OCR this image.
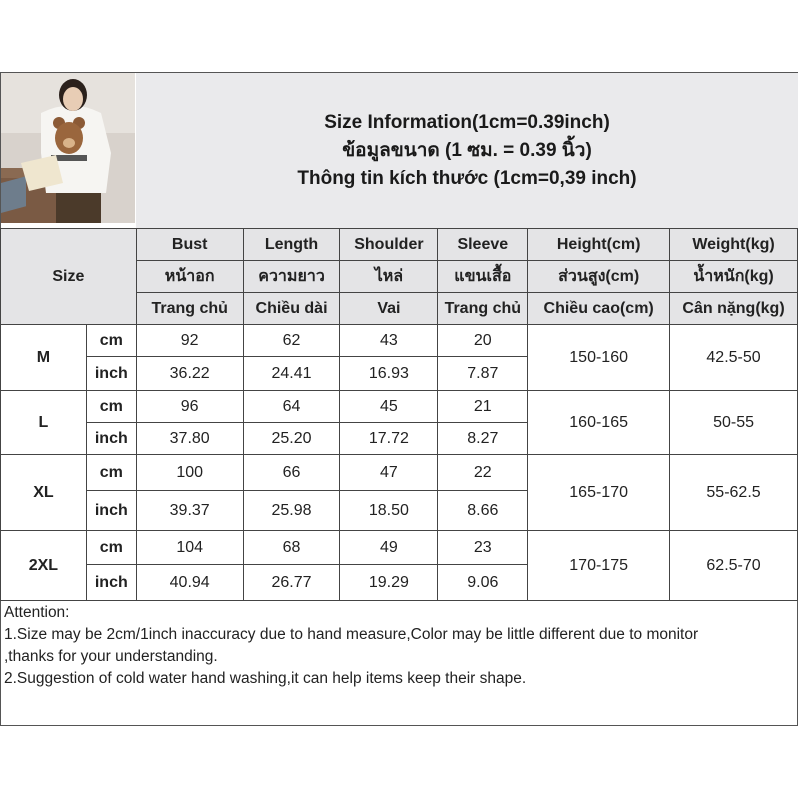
Size Information(1cm=0.39inch)
ข้อมูลขนาด (1 ซม. = 0.39 นิ้ว)
Thông tin kích thước (1cm=0,39 inch)
Size		Bust	Length	Shoulder	Sleeve	Height(cm)	Weight(kg)
		หน้าอก	ความยาว	ไหล่	แขนเสื้อ	ส่วนสูง(cm)	น้ำหนัก(kg)
		Trang chủ	Chiều dài	Vai	Trang chủ	Chiều cao(cm)	Cân nặng(kg)
M	cm	92	62	43	20	150-160	42.5-50
	inch	36.22	24.41	16.93	7.87		
L	cm	96	64	45	21	160-165	50-55
	inch	37.80	25.20	17.72	8.27		
XL	cm	100	66	47	22	165-170	55-62.5
	inch	39.37	25.98	18.50	8.66		
2XL	cm	104	68	49	23	170-175	62.5-70
	inch	40.94	26.77	19.29	9.06		
Attention:
1.Size may be 2cm/1inch inaccuracy due to hand measure,Color may be little different due to monitor
,thanks for your understanding.
2.Suggestion of cold water hand washing,it can help items keep their shape.
